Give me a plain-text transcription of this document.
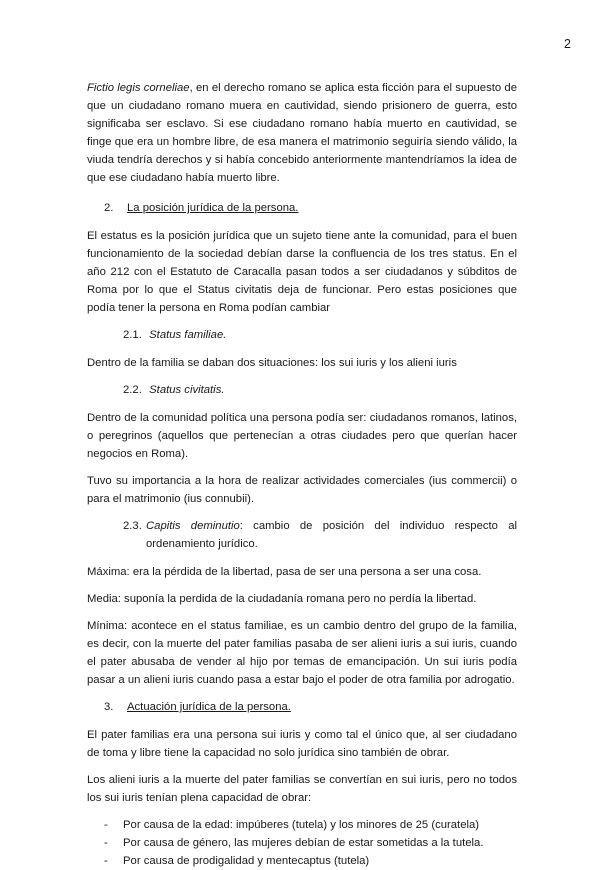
2

Fictio legis corneliae, en el derecho romano se aplica esta ficción para el supuesto de que un ciudadano romano muera en cautividad, siendo prisionero de guerra, esto significaba ser esclavo. Si ese ciudadano romano había muerto en cautividad, se finge que era un hombre libre, de esa manera el matrimonio seguiría siendo válido, la viuda tendría derechos y si había concebido anteriormente mantendríamos la idea de que ese ciudadano había muerto libre.

2.	La posición jurídica de la persona.

El estatus es la posición jurídica que un sujeto tiene ante la comunidad, para el buen funcionamiento de la sociedad debían darse la confluencia de los tres status. En el año 212 con el Estatuto de Caracalla pasan todos a ser ciudadanos y súbditos de Roma por lo que el Status civitatis deja de funcionar. Pero estas posiciones que podía tener la persona en Roma podían cambiar

2.1. Status familiae.

Dentro de la familia se daban dos situaciones: los sui iuris y los alieni iuris

2.2. Status civitatis.

Dentro de la comunidad política una persona podía ser: ciudadanos romanos, latinos, o peregrinos (aquellos que pertenecían a otras ciudades pero que querían hacer negocios en Roma).

Tuvo su importancia a la hora de realizar actividades comerciales (ius commercii) o para el matrimonio (ius connubii).

2.3. Capitis deminutio: cambio de posición del individuo respecto al ordenamiento jurídico.

Máxima: era la pérdida de la libertad, pasa de ser una persona a ser una cosa.

Media: suponía la perdida de la ciudadanía romana pero no perdía la libertad.

Mínima: acontece en el status familiae, es un cambio dentro del grupo de la familia, es decir, con la muerte del pater familias pasaba de ser alieni iuris a sui iuris, cuando el pater abusaba de vender al hijo por temas de emancipación. Un sui iuris podía pasar a un alieni iuris cuando pasa a estar bajo el poder de otra familia por adrogatio.

3.	Actuación jurídica de la persona.

El pater familias era una persona sui iuris y como tal el único que, al ser ciudadano de toma y libre tiene la capacidad no solo jurídica sino también de obrar.

Los alieni iuris a la muerte del pater familias se convertían en sui iuris, pero no todos los sui iuris tenían plena capacidad de obrar:

-	Por causa de la edad: impúberes (tutela) y los minores de 25 (curatela)
-	Por causa de género, las mujeres debían de estar sometidas a la tutela.
-	Por causa de prodigalidad y mentecaptus (tutela)
